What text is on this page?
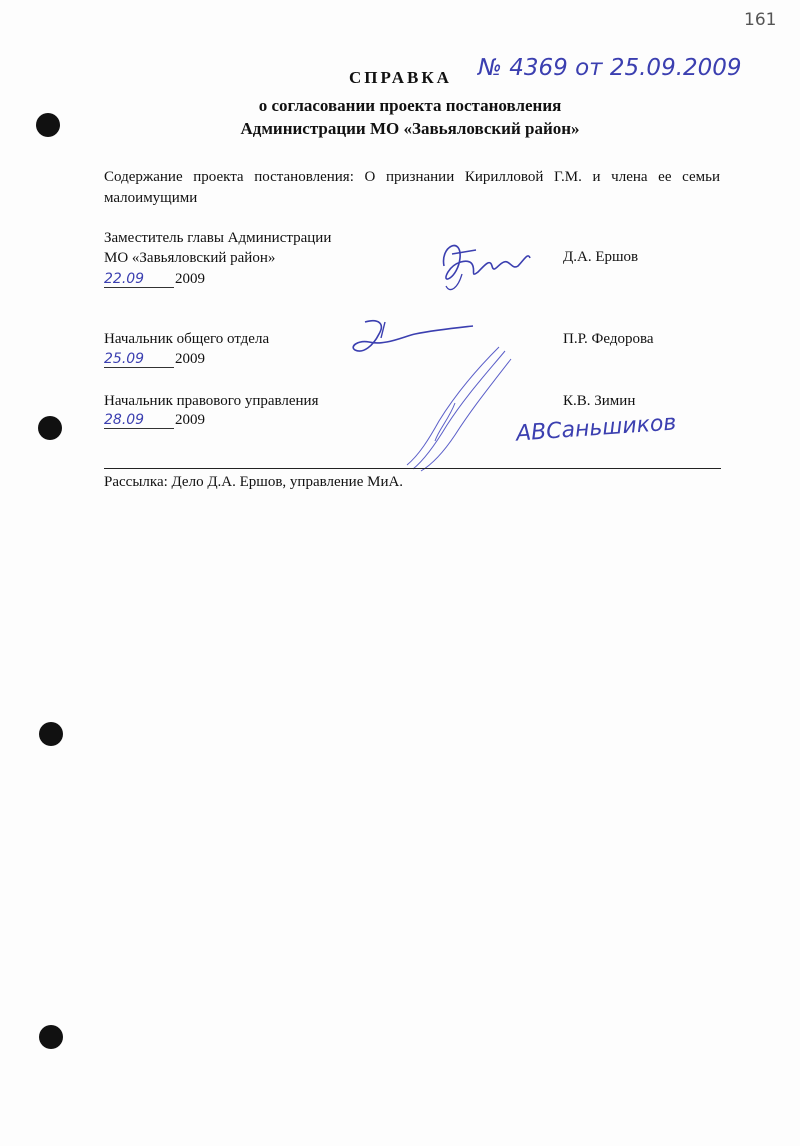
161
СПРАВКА № 4369 от 25.09.2009
о согласовании проекта постановления
Администрации МО «Завьяловский район»
Содержание проекта постановления: О признании Кирилловой Г.М. и члена ее семьи малоимущими
Заместитель главы Администрации
МО «Завьяловский район»
22.09	2009
Д.А. Ершов
Начальник общего отдела
25.09	2009
П.Р. Федорова
Начальник правового управления
28.09	2009
К.В. Зимин
АВСаньшиков
Рассылка: Дело Д.А. Ершов, управление МиА.
